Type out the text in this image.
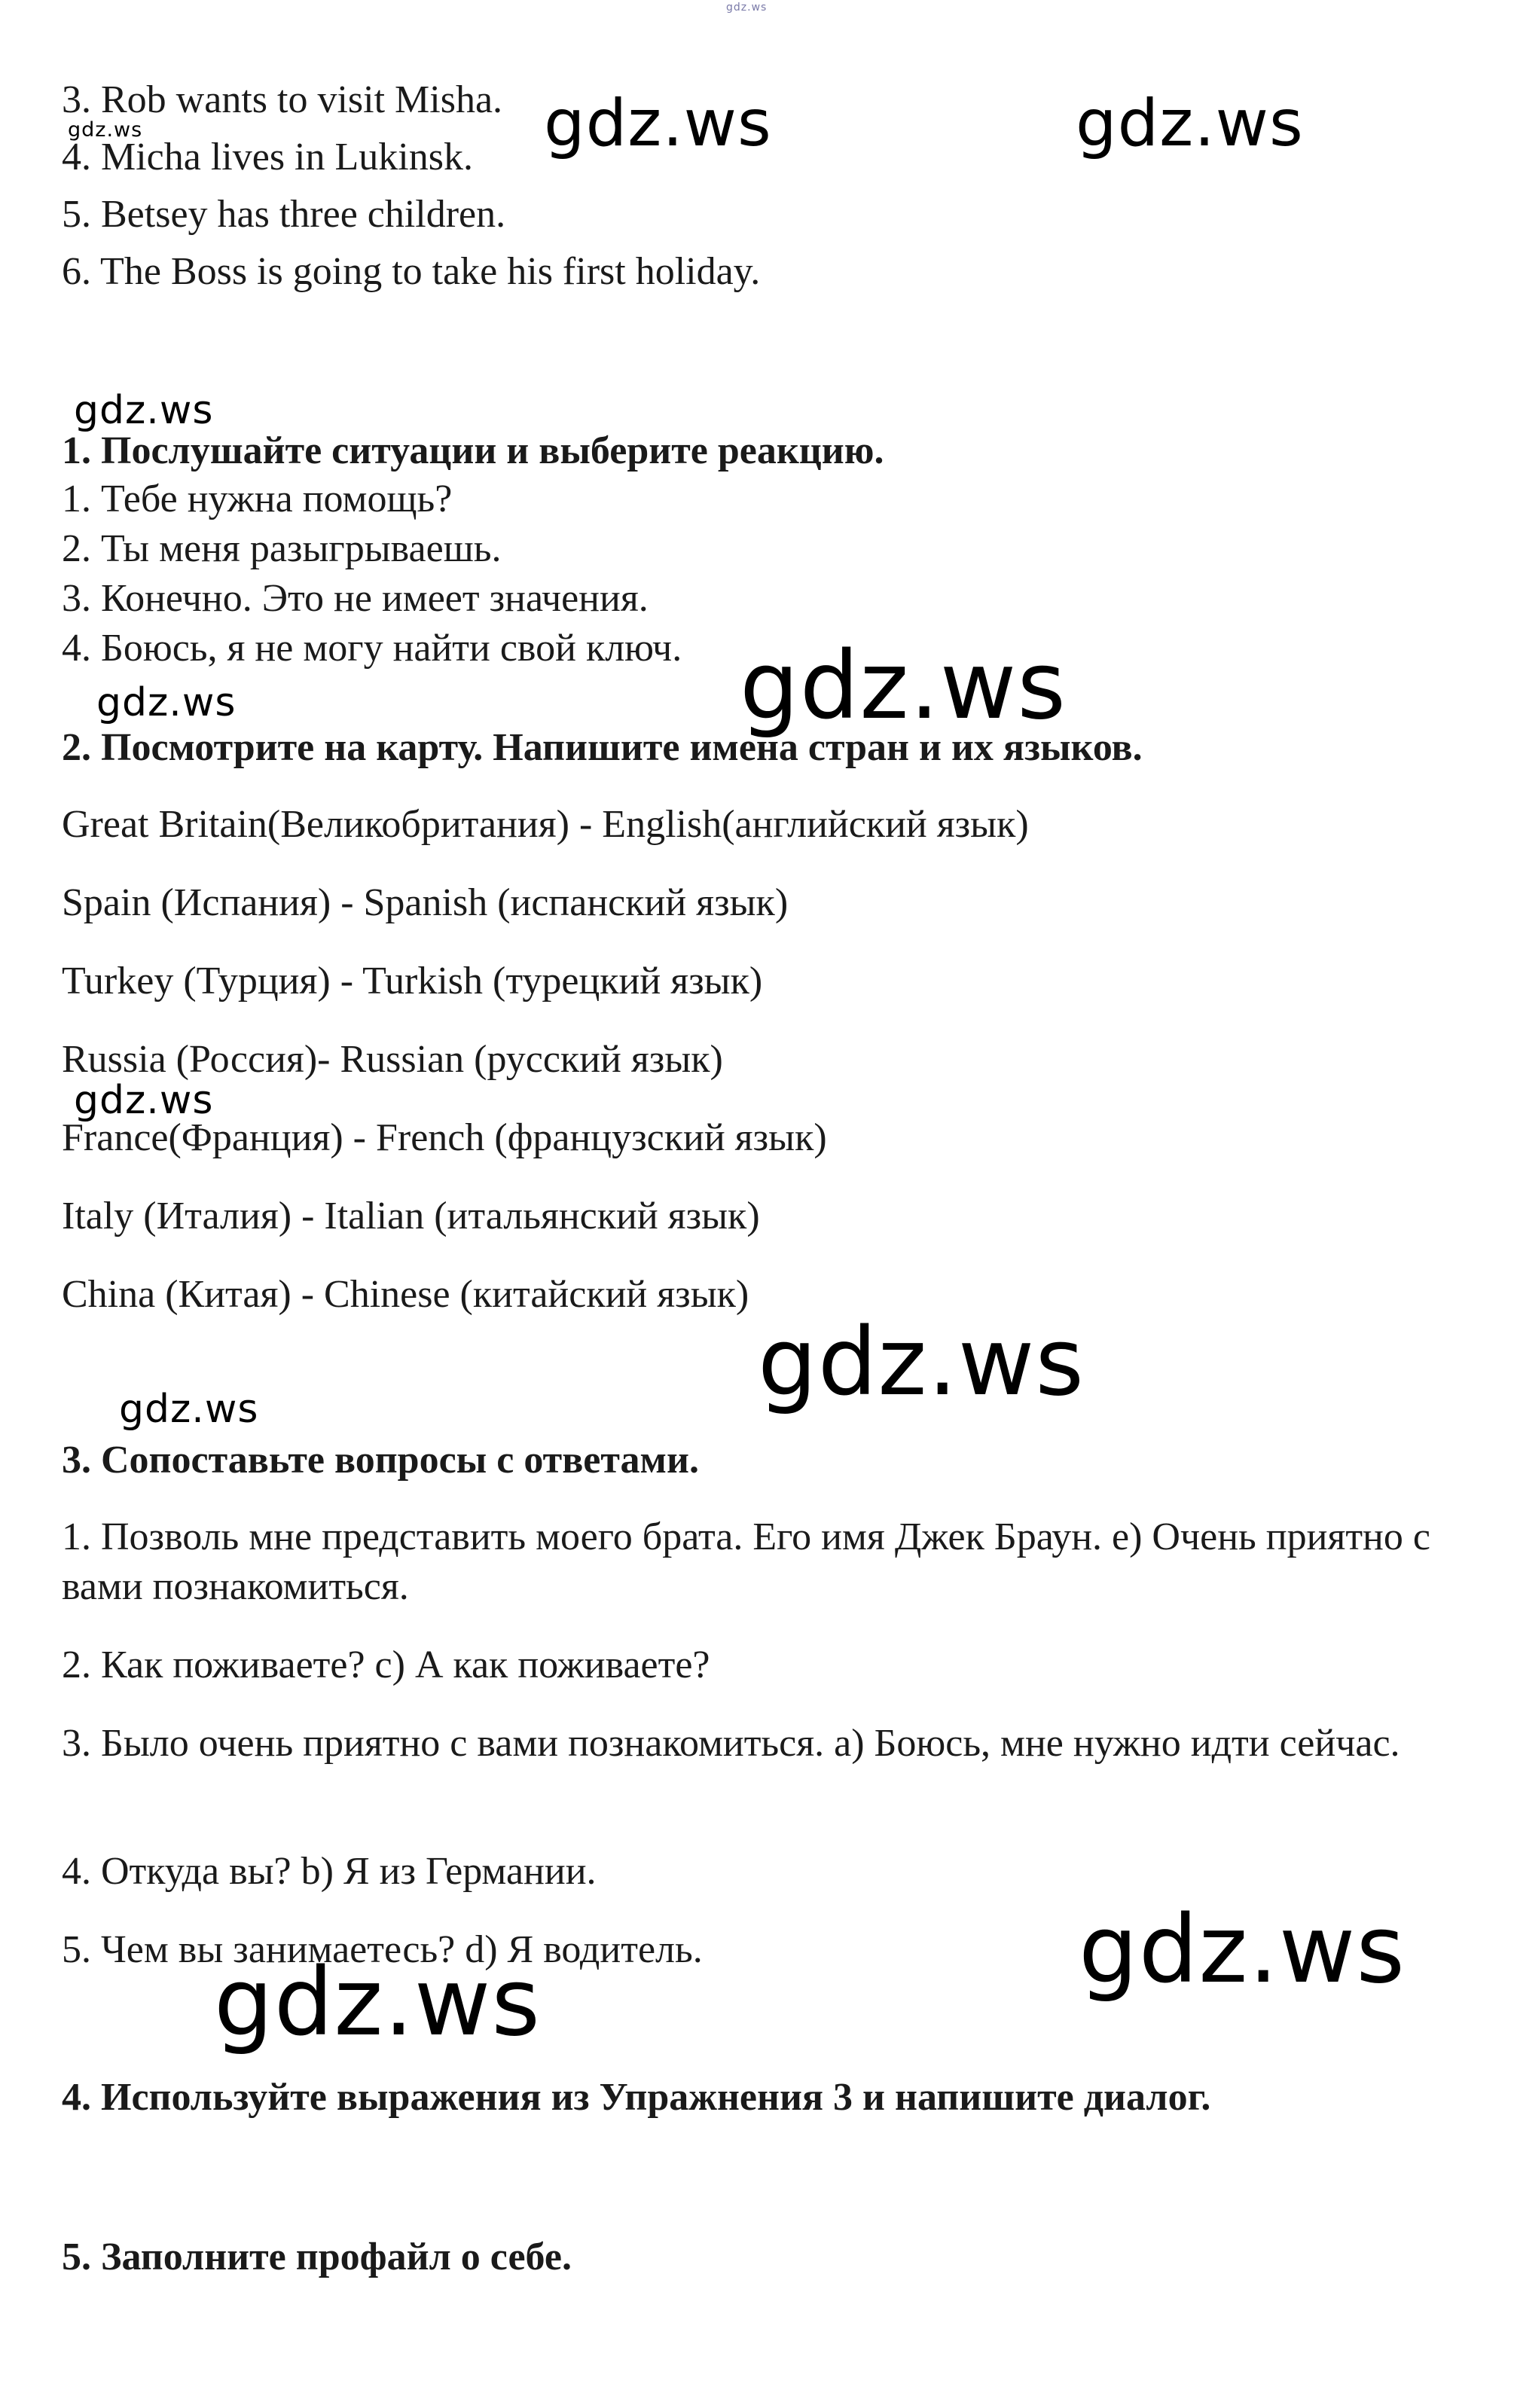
gdz.ws
3. Rob wants to visit Misha.
4. Micha lives in Lukinsk.
5. Betsey has three children.
6. The Boss is going to take his first holiday.
gdz.ws	gdz.ws	gdz.ws
gdz.ws
1. Послушайте ситуации и выберите реакцию.
1. Тебе нужна помощь?
2. Ты меня разыгрываешь.
3. Конечно. Это не имеет значения.
4. Боюсь, я не могу найти свой ключ. gdz.ws
gdz.ws
2. Посмотрите на карту. Напишите имена стран и их языков.
Great Britain(Великобритания) - English(английский язык)
Spain (Испания) - Spanish (испанский язык)
Turkey (Турция) - Turkish (турецкий язык)
Russia (Россия)- Russian (русский язык)
gdz.ws
France(Франция) - French (французский язык)
Italy (Италия) - Italian (итальянский язык)
China (Китая) - Chinese (китайский язык)
gdz.ws
gdz.ws
3. Сопоставьте вопросы с ответами.
1. Позволь мне представить моего брата. Его имя Джек Браун. e) Очень приятно с вами познакомиться.
2. Как поживаете? c) А как поживаете?
3. Было очень приятно с вами познакомиться. a) Боюсь, мне нужно идти сейчас.
4. Откуда вы? b) Я из Германии.
5. Чем вы занимаетесь? d) Я водитель.	gdz.ws
gdz.ws
4. Используйте выражения из Упражнения 3 и напишите диалог.
5. Заполните профайл о себе.
